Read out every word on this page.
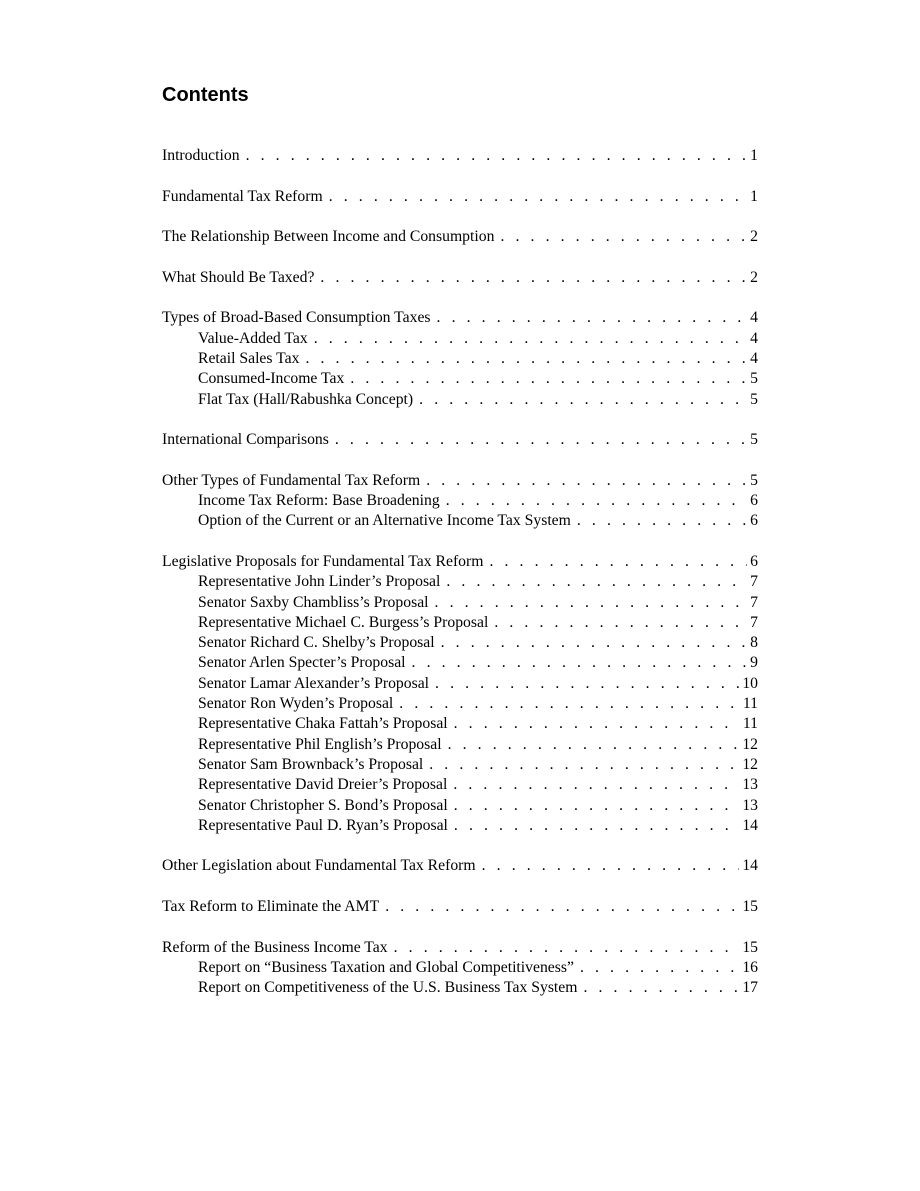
Contents
Introduction . . .	1
Fundamental Tax Reform . . .	1
The Relationship Between Income and Consumption . . .	2
What Should Be Taxed? . . .	2
Types of Broad-Based Consumption Taxes . . .	4
Value-Added Tax . . .	4
Retail Sales Tax . . .	4
Consumed-Income Tax . . .	5
Flat Tax (Hall/Rabushka Concept) . . .	5
International Comparisons . . .	5
Other Types of Fundamental Tax Reform . . .	5
Income Tax Reform: Base Broadening . . .	6
Option of the Current or an Alternative Income Tax System . . .	6
Legislative Proposals for Fundamental Tax Reform . . .	6
Representative John Linder’s Proposal . . .	7
Senator Saxby Chambliss’s Proposal . . .	7
Representative Michael C. Burgess’s Proposal . . .	7
Senator Richard C. Shelby’s Proposal . . .	8
Senator Arlen Specter’s Proposal . . .	9
Senator Lamar Alexander’s Proposal . . .	10
Senator Ron Wyden’s Proposal . . .	11
Representative Chaka Fattah’s Proposal . . .	11
Representative Phil English’s Proposal . . .	12
Senator Sam Brownback’s Proposal . . .	12
Representative David Dreier’s Proposal . . .	13
Senator Christopher S. Bond’s Proposal . . .	13
Representative Paul D. Ryan’s Proposal . . .	14
Other Legislation about Fundamental Tax Reform . . .	14
Tax Reform to Eliminate the AMT . . .	15
Reform of the Business Income Tax . . .	15
Report on “Business Taxation and Global Competitiveness” . . .	16
Report on Competitiveness of the U.S. Business Tax System . . .	17
